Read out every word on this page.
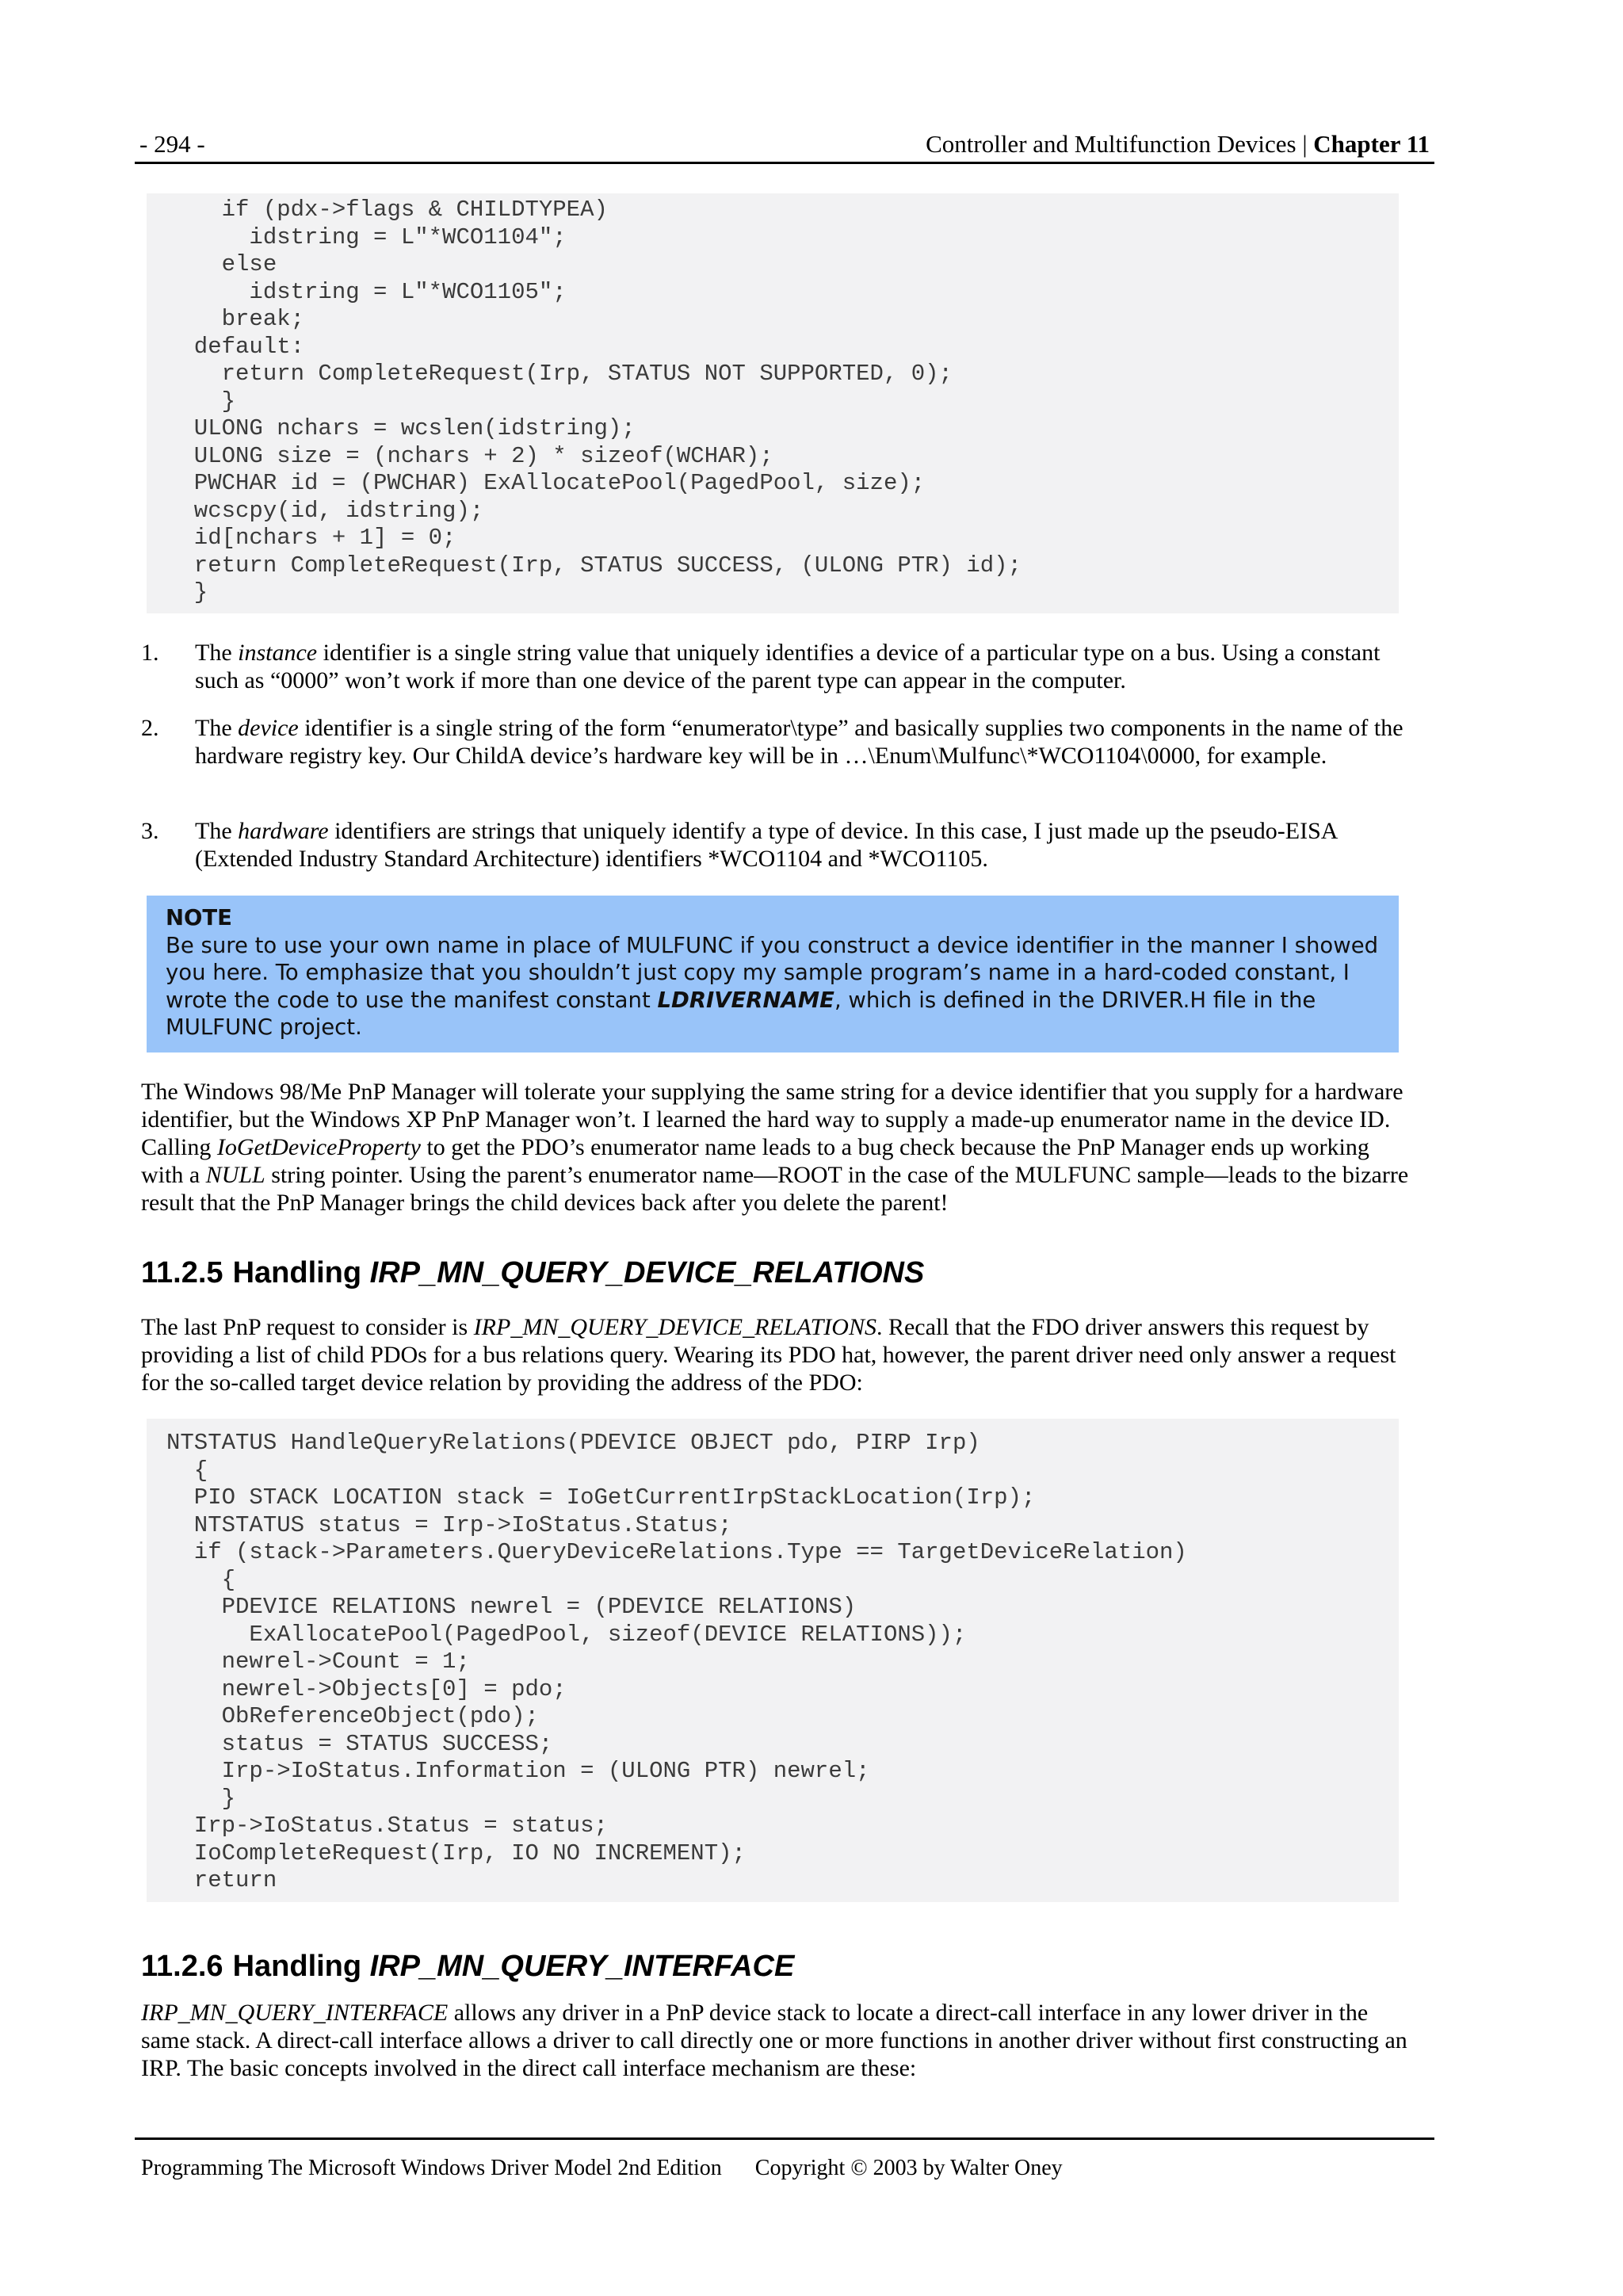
- 294 -	Controller and Multifunction Devices | Chapter 11
if (pdx->flags & CHILDTYPEA)
idstring = L"*WCO1104";
else
idstring = L"*WCO1105";
break;
default:
return CompleteRequest(Irp, STATUS NOT SUPPORTED, 0);
}
ULONG nchars = wcslen(idstring);
ULONG size = (nchars + 2) * sizeof(WCHAR);
PWCHAR id = (PWCHAR) ExAllocatePool(PagedPool, size);
wcscpy(id, idstring);
id[nchars + 1] = 0;
return CompleteRequest(Irp, STATUS SUCCESS, (ULONG PTR) id);
}
1. The instance identifier is a single string value that uniquely identifies a device of a particular type on a bus. Using a constant such as “0000” won’t work if more than one device of the parent type can appear in the computer.
2. The device identifier is a single string of the form “enumerator\type” and basically supplies two components in the name of the hardware registry key. Our ChildA device’s hardware key will be in …\Enum\Mulfunc\*WCO1104\0000, for example.
3. The hardware identifiers are strings that uniquely identify a type of device. In this case, I just made up the pseudo-EISA (Extended Industry Standard Architecture) identifiers *WCO1104 and *WCO1105.
NOTE
Be sure to use your own name in place of MULFUNC if you construct a device identifier in the manner I showed you here. To emphasize that you shouldn’t just copy my sample program’s name in a hard-coded constant, I wrote the code to use the manifest constant LDRIVERNAME, which is defined in the DRIVER.H file in the MULFUNC project.
The Windows 98/Me PnP Manager will tolerate your supplying the same string for a device identifier that you supply for a hardware identifier, but the Windows XP PnP Manager won’t. I learned the hard way to supply a made-up enumerator name in the device ID. Calling IoGetDeviceProperty to get the PDO’s enumerator name leads to a bug check because the PnP Manager ends up working with a NULL string pointer. Using the parent’s enumerator name—ROOT in the case of the MULFUNC sample—leads to the bizarre result that the PnP Manager brings the child devices back after you delete the parent!
11.2.5 Handling IRP_MN_QUERY_DEVICE_RELATIONS
The last PnP request to consider is IRP_MN_QUERY_DEVICE_RELATIONS. Recall that the FDO driver answers this request by providing a list of child PDOs for a bus relations query. Wearing its PDO hat, however, the parent driver need only answer a request for the so-called target device relation by providing the address of the PDO:
NTSTATUS HandleQueryRelations(PDEVICE OBJECT pdo, PIRP Irp)
{
PIO STACK LOCATION stack = IoGetCurrentIrpStackLocation(Irp);
NTSTATUS status = Irp->IoStatus.Status;
if (stack->Parameters.QueryDeviceRelations.Type == TargetDeviceRelation)
{
PDEVICE RELATIONS newrel = (PDEVICE RELATIONS)
ExAllocatePool(PagedPool, sizeof(DEVICE RELATIONS));
newrel->Count = 1;
newrel->Objects[0] = pdo;
ObReferenceObject(pdo);
status = STATUS SUCCESS;
Irp->IoStatus.Information = (ULONG PTR) newrel;
}
Irp->IoStatus.Status = status;
IoCompleteRequest(Irp, IO NO INCREMENT);
return
11.2.6 Handling IRP_MN_QUERY_INTERFACE
IRP_MN_QUERY_INTERFACE allows any driver in a PnP device stack to locate a direct-call interface in any lower driver in the same stack. A direct-call interface allows a driver to call directly one or more functions in another driver without first constructing an IRP. The basic concepts involved in the direct call interface mechanism are these:
Programming The Microsoft Windows Driver Model 2nd Edition Copyright © 2003 by Walter Oney
